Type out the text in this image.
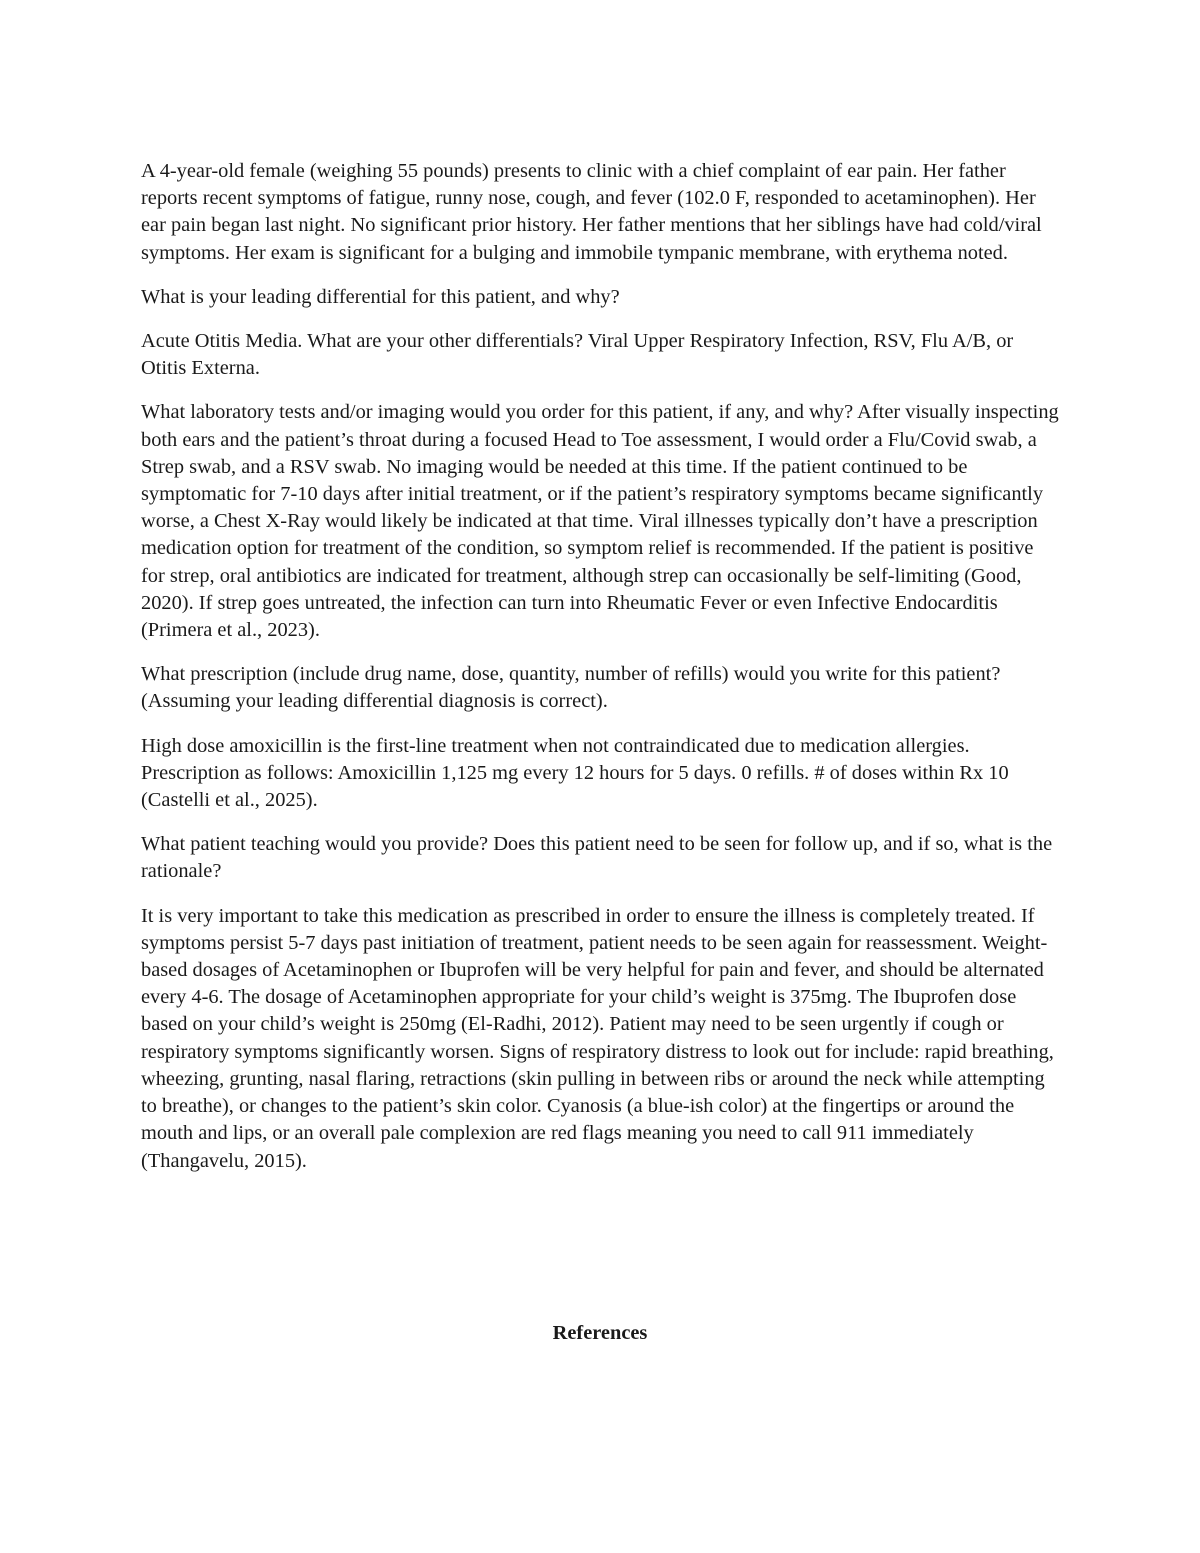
A 4-year-old female (weighing 55 pounds) presents to clinic with a chief complaint of ear pain. Her father reports recent symptoms of fatigue, runny nose, cough, and fever (102.0 F, responded to acetaminophen). Her ear pain began last night. No significant prior history. Her father mentions that her siblings have had cold/viral symptoms. Her exam is significant for a bulging and immobile tympanic membrane, with erythema noted.

What is your leading differential for this patient, and why?

Acute Otitis Media. What are your other differentials? Viral Upper Respiratory Infection, RSV, Flu A/B, or Otitis Externa.

What laboratory tests and/or imaging would you order for this patient, if any, and why? After visually inspecting both ears and the patient’s throat during a focused Head to Toe assessment, I would order a Flu/Covid swab, a Strep swab, and a RSV swab. No imaging would be needed at this time. If the patient continued to be symptomatic for 7-10 days after initial treatment, or if the patient’s respiratory symptoms became significantly worse, a Chest X-Ray would likely be indicated at that time. Viral illnesses typically don’t have a prescription medication option for treatment of the condition, so symptom relief is recommended. If the patient is positive for strep, oral antibiotics are indicated for treatment, although strep can occasionally be self-limiting (Good, 2020). If strep goes untreated, the infection can turn into Rheumatic Fever or even Infective Endocarditis (Primera et al., 2023).

What prescription (include drug name, dose, quantity, number of refills) would you write for this patient? (Assuming your leading differential diagnosis is correct).

High dose amoxicillin is the first-line treatment when not contraindicated due to medication allergies. Prescription as follows: Amoxicillin 1,125 mg every 12 hours for 5 days. 0 refills. # of doses within Rx 10 (Castelli et al., 2025).

What patient teaching would you provide? Does this patient need to be seen for follow up, and if so, what is the rationale?

It is very important to take this medication as prescribed in order to ensure the illness is completely treated. If symptoms persist 5-7 days past initiation of treatment, patient needs to be seen again for reassessment. Weight-based dosages of Acetaminophen or Ibuprofen will be very helpful for pain and fever, and should be alternated every 4-6. The dosage of Acetaminophen appropriate for your child’s weight is 375mg. The Ibuprofen dose based on your child’s weight is 250mg (El-Radhi, 2012). Patient may need to be seen urgently if cough or respiratory symptoms significantly worsen. Signs of respiratory distress to look out for include: rapid breathing, wheezing, grunting, nasal flaring, retractions (skin pulling in between ribs or around the neck while attempting to breathe), or changes to the patient’s skin color. Cyanosis (a blue-ish color) at the fingertips or around the mouth and lips, or an overall pale complexion are red flags meaning you need to call 911 immediately (Thangavelu, 2015).

References
